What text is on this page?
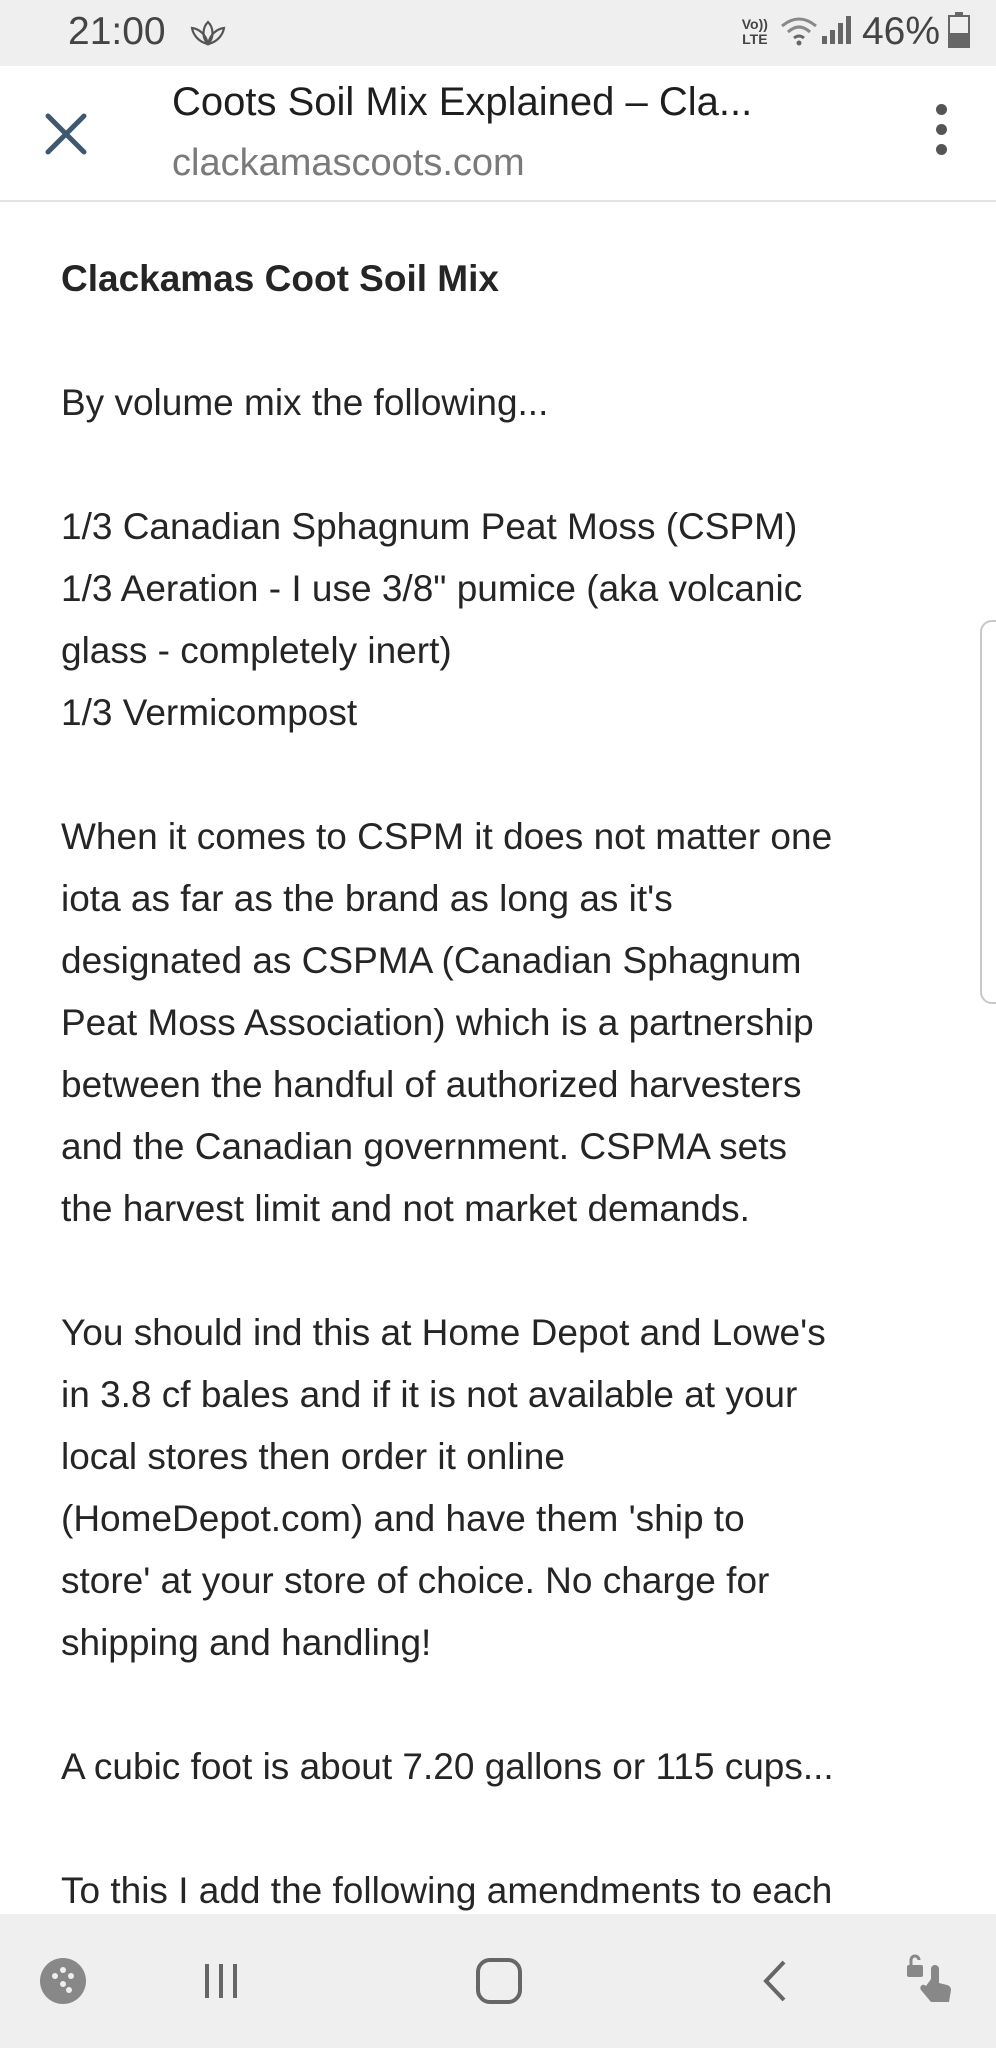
21:00	Vo))
LTE 46%
Coots Soil Mix Explained – Cla...
clackamascoots.com

Clackamas Coot Soil Mix

By volume mix the following...

1/3 Canadian Sphagnum Peat Moss (CSPM)

1/3 Aeration - I use 3/8" pumice (aka volcanic

glass - completely inert)

1/3 Vermicompost

When it comes to CSPM it does not matter one

iota as far as the brand as long as it's

designated as CSPMA (Canadian Sphagnum

Peat Moss Association) which is a partnership

between the handful of authorized harvesters

and the Canadian government. CSPMA sets

the harvest limit and not market demands.

You should ind this at Home Depot and Lowe's

in 3.8 cf bales and if it is not available at your

local stores then order it online

(HomeDepot.com) and have them 'ship to

store' at your store of choice. No charge for

shipping and handling!

A cubic foot is about 7.20 gallons or 115 cups...

To this I add the following amendments to each
